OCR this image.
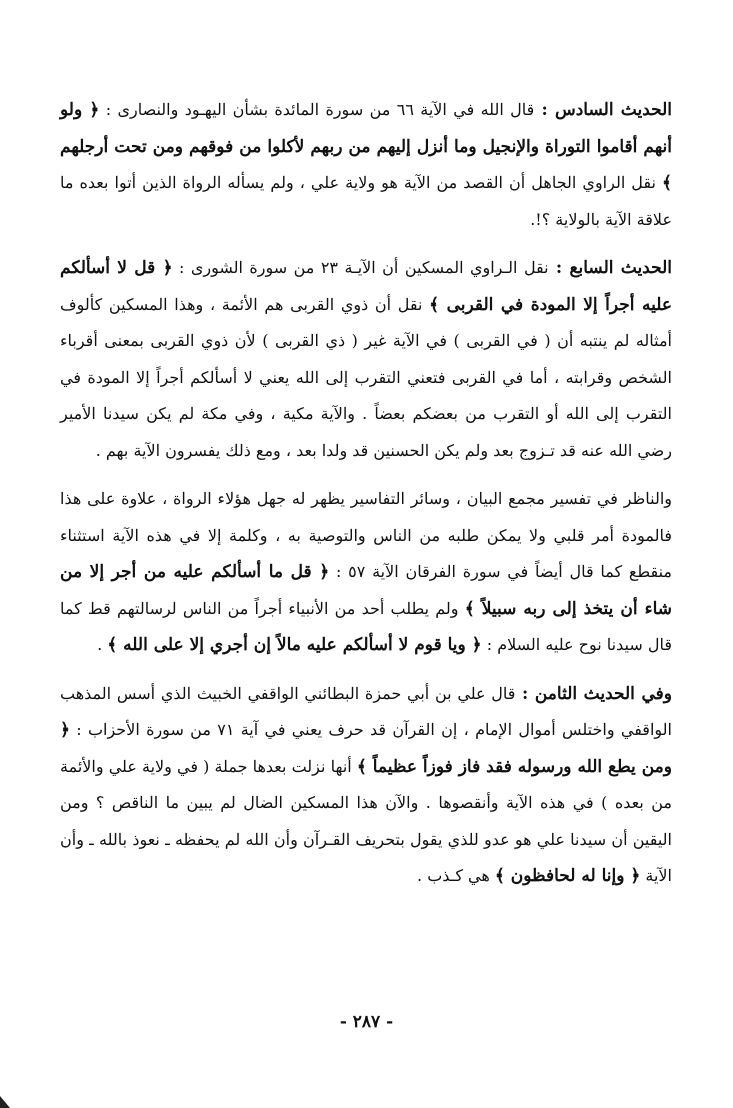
الحديث السادس : قال الله في الآية ٦٦ من سورة المائدة بشأن اليهـود والنصارى : ﴿ ولو أنهم أقاموا التوراة والإنجيل وما أنزل إليهم من ربهم لأكلوا من فوقهم ومن تحت أرجلهم ﴾ نقل الراوي الجاهل أن القصد من الآية هو ولاية علي ، ولم يسأله الرواة الذين أتوا بعده ما علاقة الآية بالولاية ؟!.

الحديث السابع : نقل الـراوي المسكين أن الآيـة ٢٣ من سورة الشورى : ﴿ قل لا أسألكم عليه أجراً إلا المودة في القربى ﴾ نقل أن ذوي القربى هم الأئمة ، وهذا المسكين كألوف أمثاله لم ينتبه أن ( في القربى ) في الآية غير ( ذي القربى ) لأن ذوي القربى بمعنى أقرباء الشخص وقرابته ، أما في القربى فتعني التقرب إلى الله يعني لا أسألكم أجراً إلا المودة في التقرب إلى الله أو التقرب من بعضكم بعضاً . والآية مكية ، وفي مكة لم يكن سيدنا الأمير رضي الله عنه قد تـزوج بعد ولم يكن الحسنين قد ولدا بعد ، ومع ذلك يفسرون الآية بهم .

والناظر في تفسير مجمع البيان ، وسائر التفاسير يظهر له جهل هؤلاء الرواة ، علاوة على هذا فالمودة أمر قلبي ولا يمكن طلبه من الناس والتوصية به ، وكلمة إلا في هذه الآية استثناء منقطع كما قال أيضاً في سورة الفرقان الآية ٥٧ : ﴿ قل ما أسألكم عليه من أجر إلا من شاء أن يتخذ إلى ربه سبيلاً ﴾ ولم يطلب أحد من الأنبياء أجراً من الناس لرسالتهم قط كما قال سيدنا نوح عليه السلام : ﴿ ويا قوم لا أسألكم عليه مالاً إن أجري إلا على الله ﴾ .

وفي الحديث الثامن : قال علي بن أبي حمزة البطائني الواقفي الخبيث الذي أسس المذهب الواقفي واختلس أموال الإمام ، إن القرآن قد حرف يعني في آية ٧١ من سورة الأحزاب : ﴿ ومن يطع الله ورسوله فقد فاز فوزاً عظيماً ﴾ أنها نزلت بعدها جملة ( في ولاية علي والأئمة من بعده ) في هذه الآية وأنقصوها . والآن هذا المسكين الضال لم يبين ما الناقص ؟ ومن اليقين أن سيدنا علي هو عدو للذي يقول بتحريف القـرآن وأن الله لم يحفظه ـ نعوذ بالله ـ وأن الآية ﴿ وإنا له لحافظون ﴾ هي كـذب .

- ٢٨٧ -
